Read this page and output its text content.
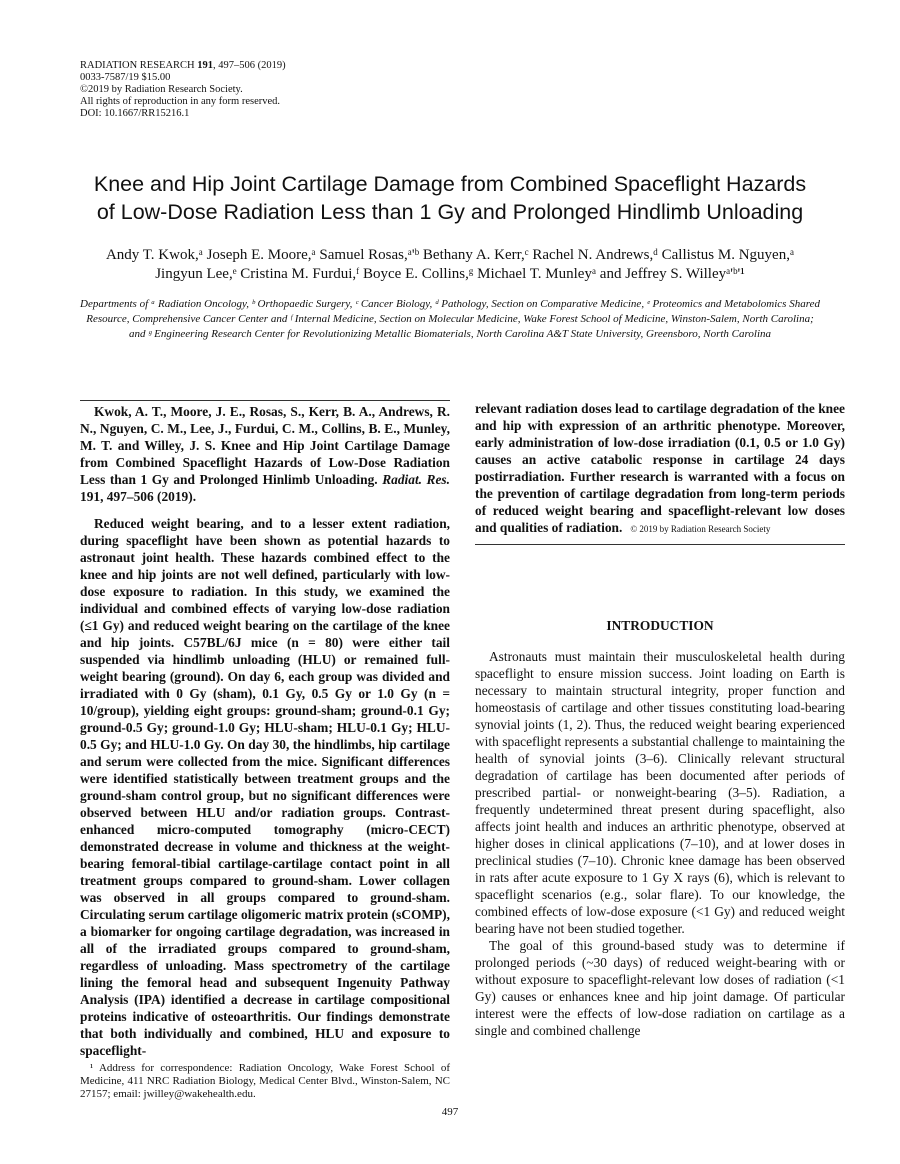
RADIATION RESEARCH 191, 497–506 (2019)
0033-7587/19 $15.00
©2019 by Radiation Research Society.
All rights of reproduction in any form reserved.
DOI: 10.1667/RR15216.1
Knee and Hip Joint Cartilage Damage from Combined Spaceflight Hazards
of Low-Dose Radiation Less than 1 Gy and Prolonged Hindlimb Unloading
Andy T. Kwok,ᵃ Joseph E. Moore,ᵃ Samuel Rosas,ᵃ'ᵇ Bethany A. Kerr,ᶜ Rachel N. Andrews,ᵈ Callistus M. Nguyen,ᵃ
Jingyun Lee,ᵉ Cristina M. Furdui,ᶠ Boyce E. Collins,ᵍ Michael T. Munleyᵃ and Jeffrey S. Willeyᵃ'ᵇ'¹
Departments of ᵃ Radiation Oncology, ᵇ Orthopaedic Surgery, ᶜ Cancer Biology, ᵈ Pathology, Section on Comparative Medicine, ᵉ Proteomics and Metabolomics Shared Resource, Comprehensive Cancer Center and ᶠ Internal Medicine, Section on Molecular Medicine, Wake Forest School of Medicine, Winston-Salem, North Carolina; and ᵍ Engineering Research Center for Revolutionizing Metallic Biomaterials, North Carolina A&T State University, Greensboro, North Carolina
Kwok, A. T., Moore, J. E., Rosas, S., Kerr, B. A., Andrews, R. N., Nguyen, C. M., Lee, J., Furdui, C. M., Collins, B. E., Munley, M. T. and Willey, J. S. Knee and Hip Joint Cartilage Damage from Combined Spaceflight Hazards of Low-Dose Radiation Less than 1 Gy and Prolonged Hinlimb Unloading. Radiat. Res. 191, 497–506 (2019).

Reduced weight bearing, and to a lesser extent radiation, during spaceflight have been shown as potential hazards to astronaut joint health. These hazards combined effect to the knee and hip joints are not well defined, particularly with low-dose exposure to radiation. In this study, we examined the individual and combined effects of varying low-dose radiation (≤1 Gy) and reduced weight bearing on the cartilage of the knee and hip joints. C57BL/6J mice (n = 80) were either tail suspended via hindlimb unloading (HLU) or remained full-weight bearing (ground). On day 6, each group was divided and irradiated with 0 Gy (sham), 0.1 Gy, 0.5 Gy or 1.0 Gy (n = 10/group), yielding eight groups: ground-sham; ground-0.1 Gy; ground-0.5 Gy; ground-1.0 Gy; HLU-sham; HLU-0.1 Gy; HLU-0.5 Gy; and HLU-1.0 Gy. On day 30, the hindlimbs, hip cartilage and serum were collected from the mice. Significant differences were identified statistically between treatment groups and the ground-sham control group, but no significant differences were observed between HLU and/or radiation groups. Contrast-enhanced micro-computed tomography (micro-CECT) demonstrated decrease in volume and thickness at the weight-bearing femoral-tibial cartilage-cartilage contact point in all treatment groups compared to ground-sham. Lower collagen was observed in all groups compared to ground-sham. Circulating serum cartilage oligomeric matrix protein (sCOMP), a biomarker for ongoing cartilage degradation, was increased in all of the irradiated groups compared to ground-sham, regardless of unloading. Mass spectrometry of the cartilage lining the femoral head and subsequent Ingenuity Pathway Analysis (IPA) identified a decrease in cartilage compositional proteins indicative of osteoarthritis. Our findings demonstrate that both individually and combined, HLU and exposure to spaceflight-

relevant radiation doses lead to cartilage degradation of the knee and hip with expression of an arthritic phenotype. Moreover, early administration of low-dose irradiation (0.1, 0.5 or 1.0 Gy) causes an active catabolic response in cartilage 24 days postirradiation. Further research is warranted with a focus on the prevention of cartilage degradation from long-term periods of reduced weight bearing and spaceflight-relevant low doses and qualities of radiation. © 2019 by Radiation Research Society

INTRODUCTION

Astronauts must maintain their musculoskeletal health during spaceflight to ensure mission success. Joint loading on Earth is necessary to maintain structural integrity, proper function and homeostasis of cartilage and other tissues constituting load-bearing synovial joints (1, 2). Thus, the reduced weight bearing experienced with spaceflight represents a substantial challenge to maintaining the health of synovial joints (3–6). Clinically relevant structural degradation of cartilage has been documented after periods of prescribed partial- or nonweight-bearing (3–5). Radiation, a frequently undetermined threat present during spaceflight, also affects joint health and induces an arthritic phenotype, observed at higher doses in clinical applications (7–10), and at lower doses in preclinical studies (7–10). Chronic knee damage has been observed in rats after acute exposure to 1 Gy X rays (6), which is relevant to spaceflight scenarios (e.g., solar flare). To our knowledge, the combined effects of low-dose exposure (<1 Gy) and reduced weight bearing have not been studied together.

The goal of this ground-based study was to determine if prolonged periods (~30 days) of reduced weight-bearing with or without exposure to spaceflight-relevant low doses of radiation (<1 Gy) causes or enhances knee and hip joint damage. Of particular interest were the effects of low-dose radiation on cartilage as a single and combined challenge

¹ Address for correspondence: Radiation Oncology, Wake Forest School of Medicine, 411 NRC Radiation Biology, Medical Center Blvd., Winston-Salem, NC 27157; email: jwilley@wakehealth.edu.
497
